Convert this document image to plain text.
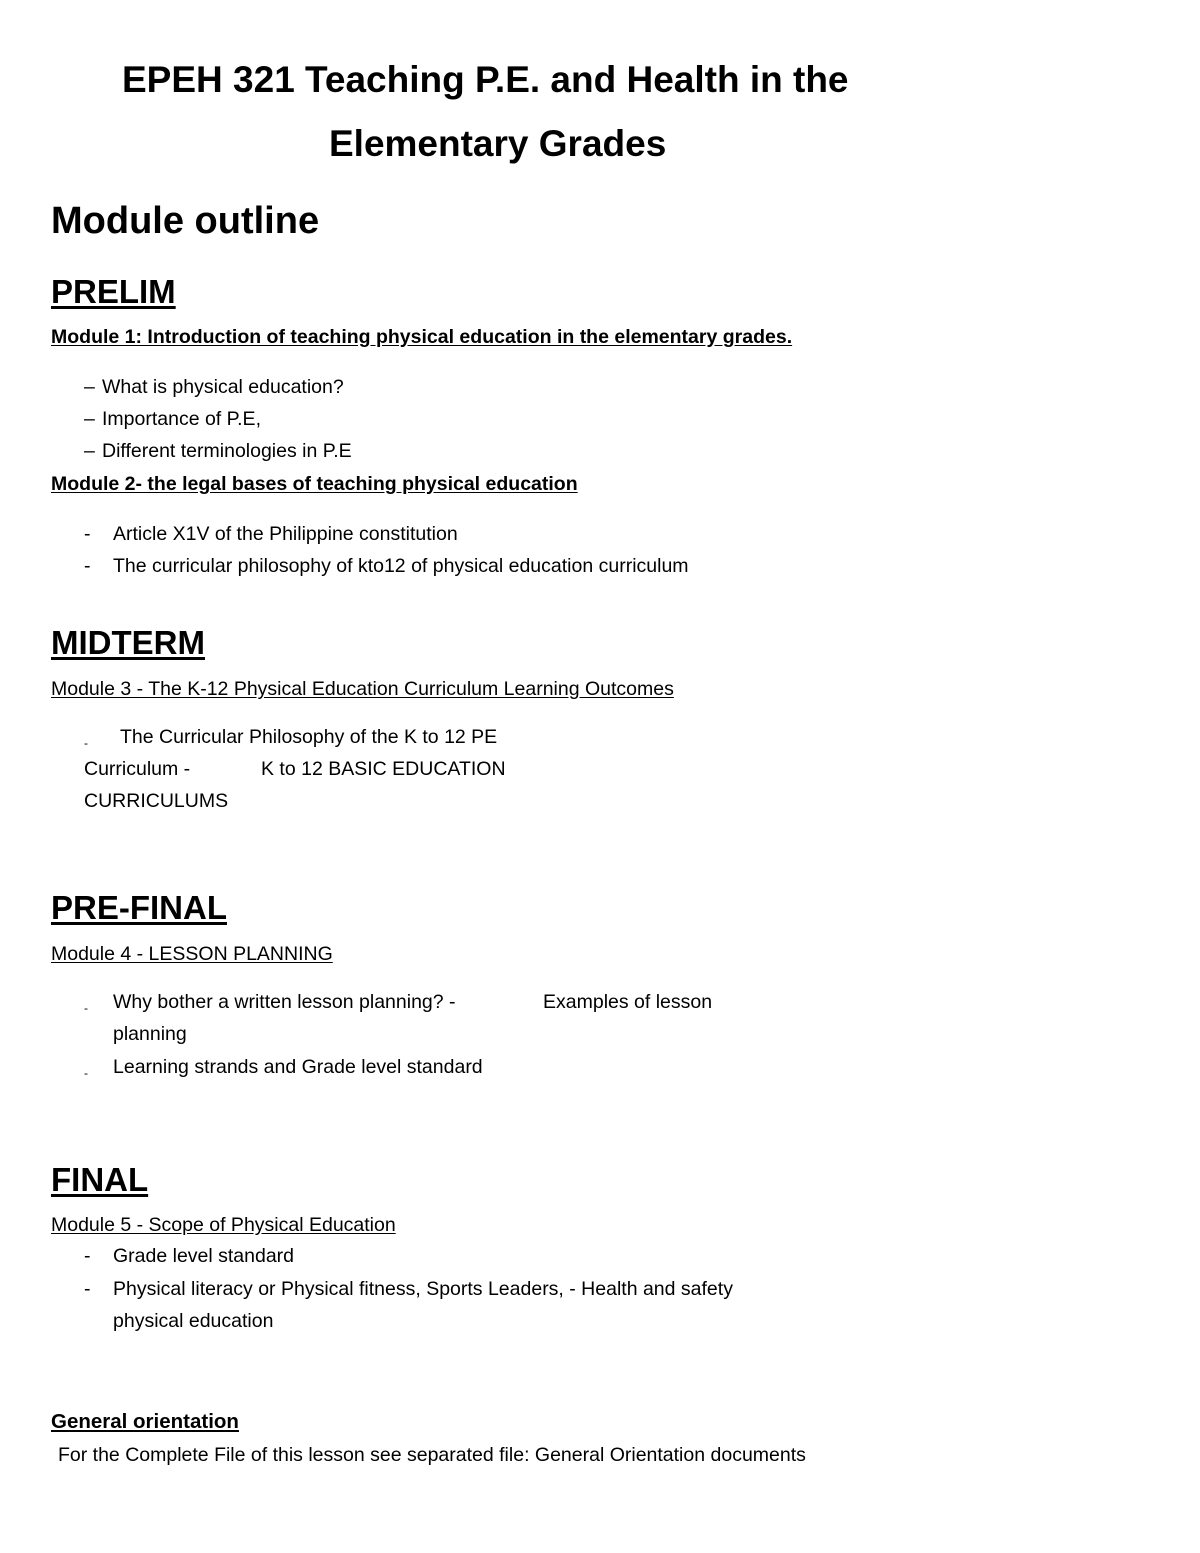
EPEH 321 Teaching P.E. and Health in the
Elementary Grades
Module outline
PRELIM
Module 1: Introduction of teaching physical education in the elementary grades.
– What is physical education?
– Importance of P.E,
– Different terminologies in P.E
Module 2- the legal bases of teaching physical education
- Article X1V of the Philippine constitution
- The curricular philosophy of kto12 of physical education curriculum
MIDTERM
Module 3 - The K-12 Physical Education Curriculum Learning Outcomes
- The Curricular Philosophy of the K to 12 PE
Curriculum -	K to 12 BASIC EDUCATION
CURRICULUMS
PRE-FINAL
Module 4 - LESSON PLANNING
- Why bother a written lesson planning? -	Examples of lesson
planning
- Learning strands and Grade level standard
FINAL
Module 5 - Scope of Physical Education
- Grade level standard
- Physical literacy or Physical fitness, Sports Leaders, - Health and safety
physical education
General orientation
For the Complete File of this lesson see separated file: General Orientation documents
